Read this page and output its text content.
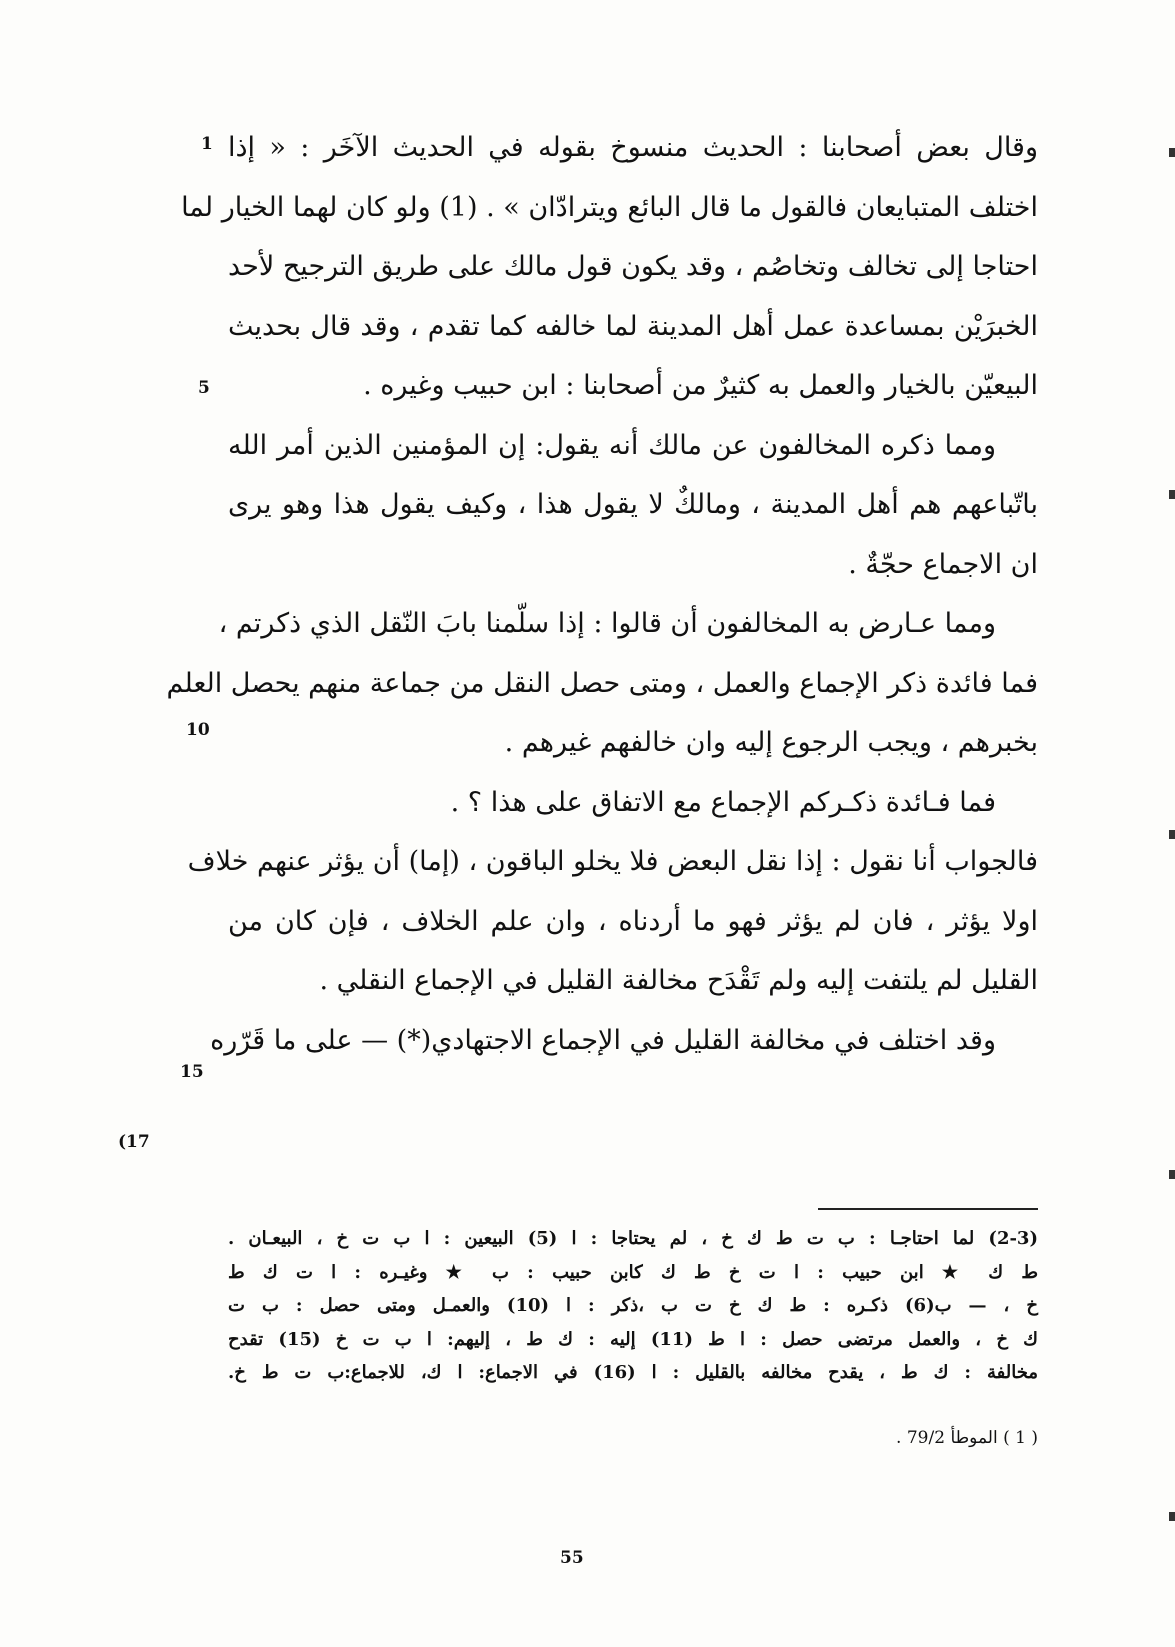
وقال بعض أصحابنا : الحديث منسوخ بقوله في الحديث الآخَر : « إذا
اختلف المتبايعان فالقول ما قال البائع ويترادّان » . (1) ولو كان لهما الخيار لما
احتاجا إلى تخالف وتخاصُم ، وقد يكون قول مالك على طريق الترجيح لأحد
الخبرَيْن بمساعدة عمل أهل المدينة لما خالفه كما تقدم ، وقد قال بحديث
البيعيّن بالخيار والعمل به كثيرٌ من أصحابنا : ابن حبيب وغيره .
ومما ذكره المخالفون عن مالك أنه يقول: إن المؤمنين الذين أمر الله
باتّباعهم هم أهل المدينة ، ومالكٌ لا يقول هذا ، وكيف يقول هذا وهو يرى
ان الاجماع حجّةٌ .
ومما عـارض به المخالفون أن قالوا : إذا سلّمنا بابَ النّقل الذي ذكرتم ،
فما فائدة ذكر الإجماع والعمل ، ومتى حصل النقل من جماعة منهم يحصل العلم
بخبرهم ، ويجب الرجوع إليه وان خالفهم غيرهم .
فما فـائدة ذكـركم الإجماع مع الاتفاق على هذا ؟ .
فالجواب أنا نقول : إذا نقل البعض فلا يخلو الباقون ، (إما) أن يؤثر عنهم خلاف
اولا يؤثر ، فان لم يؤثر فهو ما أردناه ، وان علم الخلاف ، فإن كان من
القليل لم يلتفت إليه ولم تَقْدَح مخالفة القليل في الإجماع النقلي .
وقد اختلف في مخالفة القليل في الإجماع الاجتهادي(*) — على ما قَرّره
1
5
10
15
(17
(2-3) لما احتاجـا : ب ت ط ك خ ، لم يحتاجا : ا (5) البيعين : ا ب ت خ ، البيعـان .
ط ك ★ ابن حبيب : ا ت خ ط ك كابن حبيب : ب ★ وغيـره : ا ت ك ط
خ ، — ب(6) ذكـره : ط ك خ ت ب ،ذكر : ا (10) والعمـل ومتى حصل : ب ت
ك خ ، والعمل مرتضى حصل : ا ط (11) إليه : ك ط ، إليهم: ا ب ت خ (15) تقدح
مخالفة : ك ط ، يقدح مخالفه بالقليل : ا (16) في الاجماع: ا ك، للاجماع:ب ت ط خ.
( 1 ) الموطأ 79/2 .
55
